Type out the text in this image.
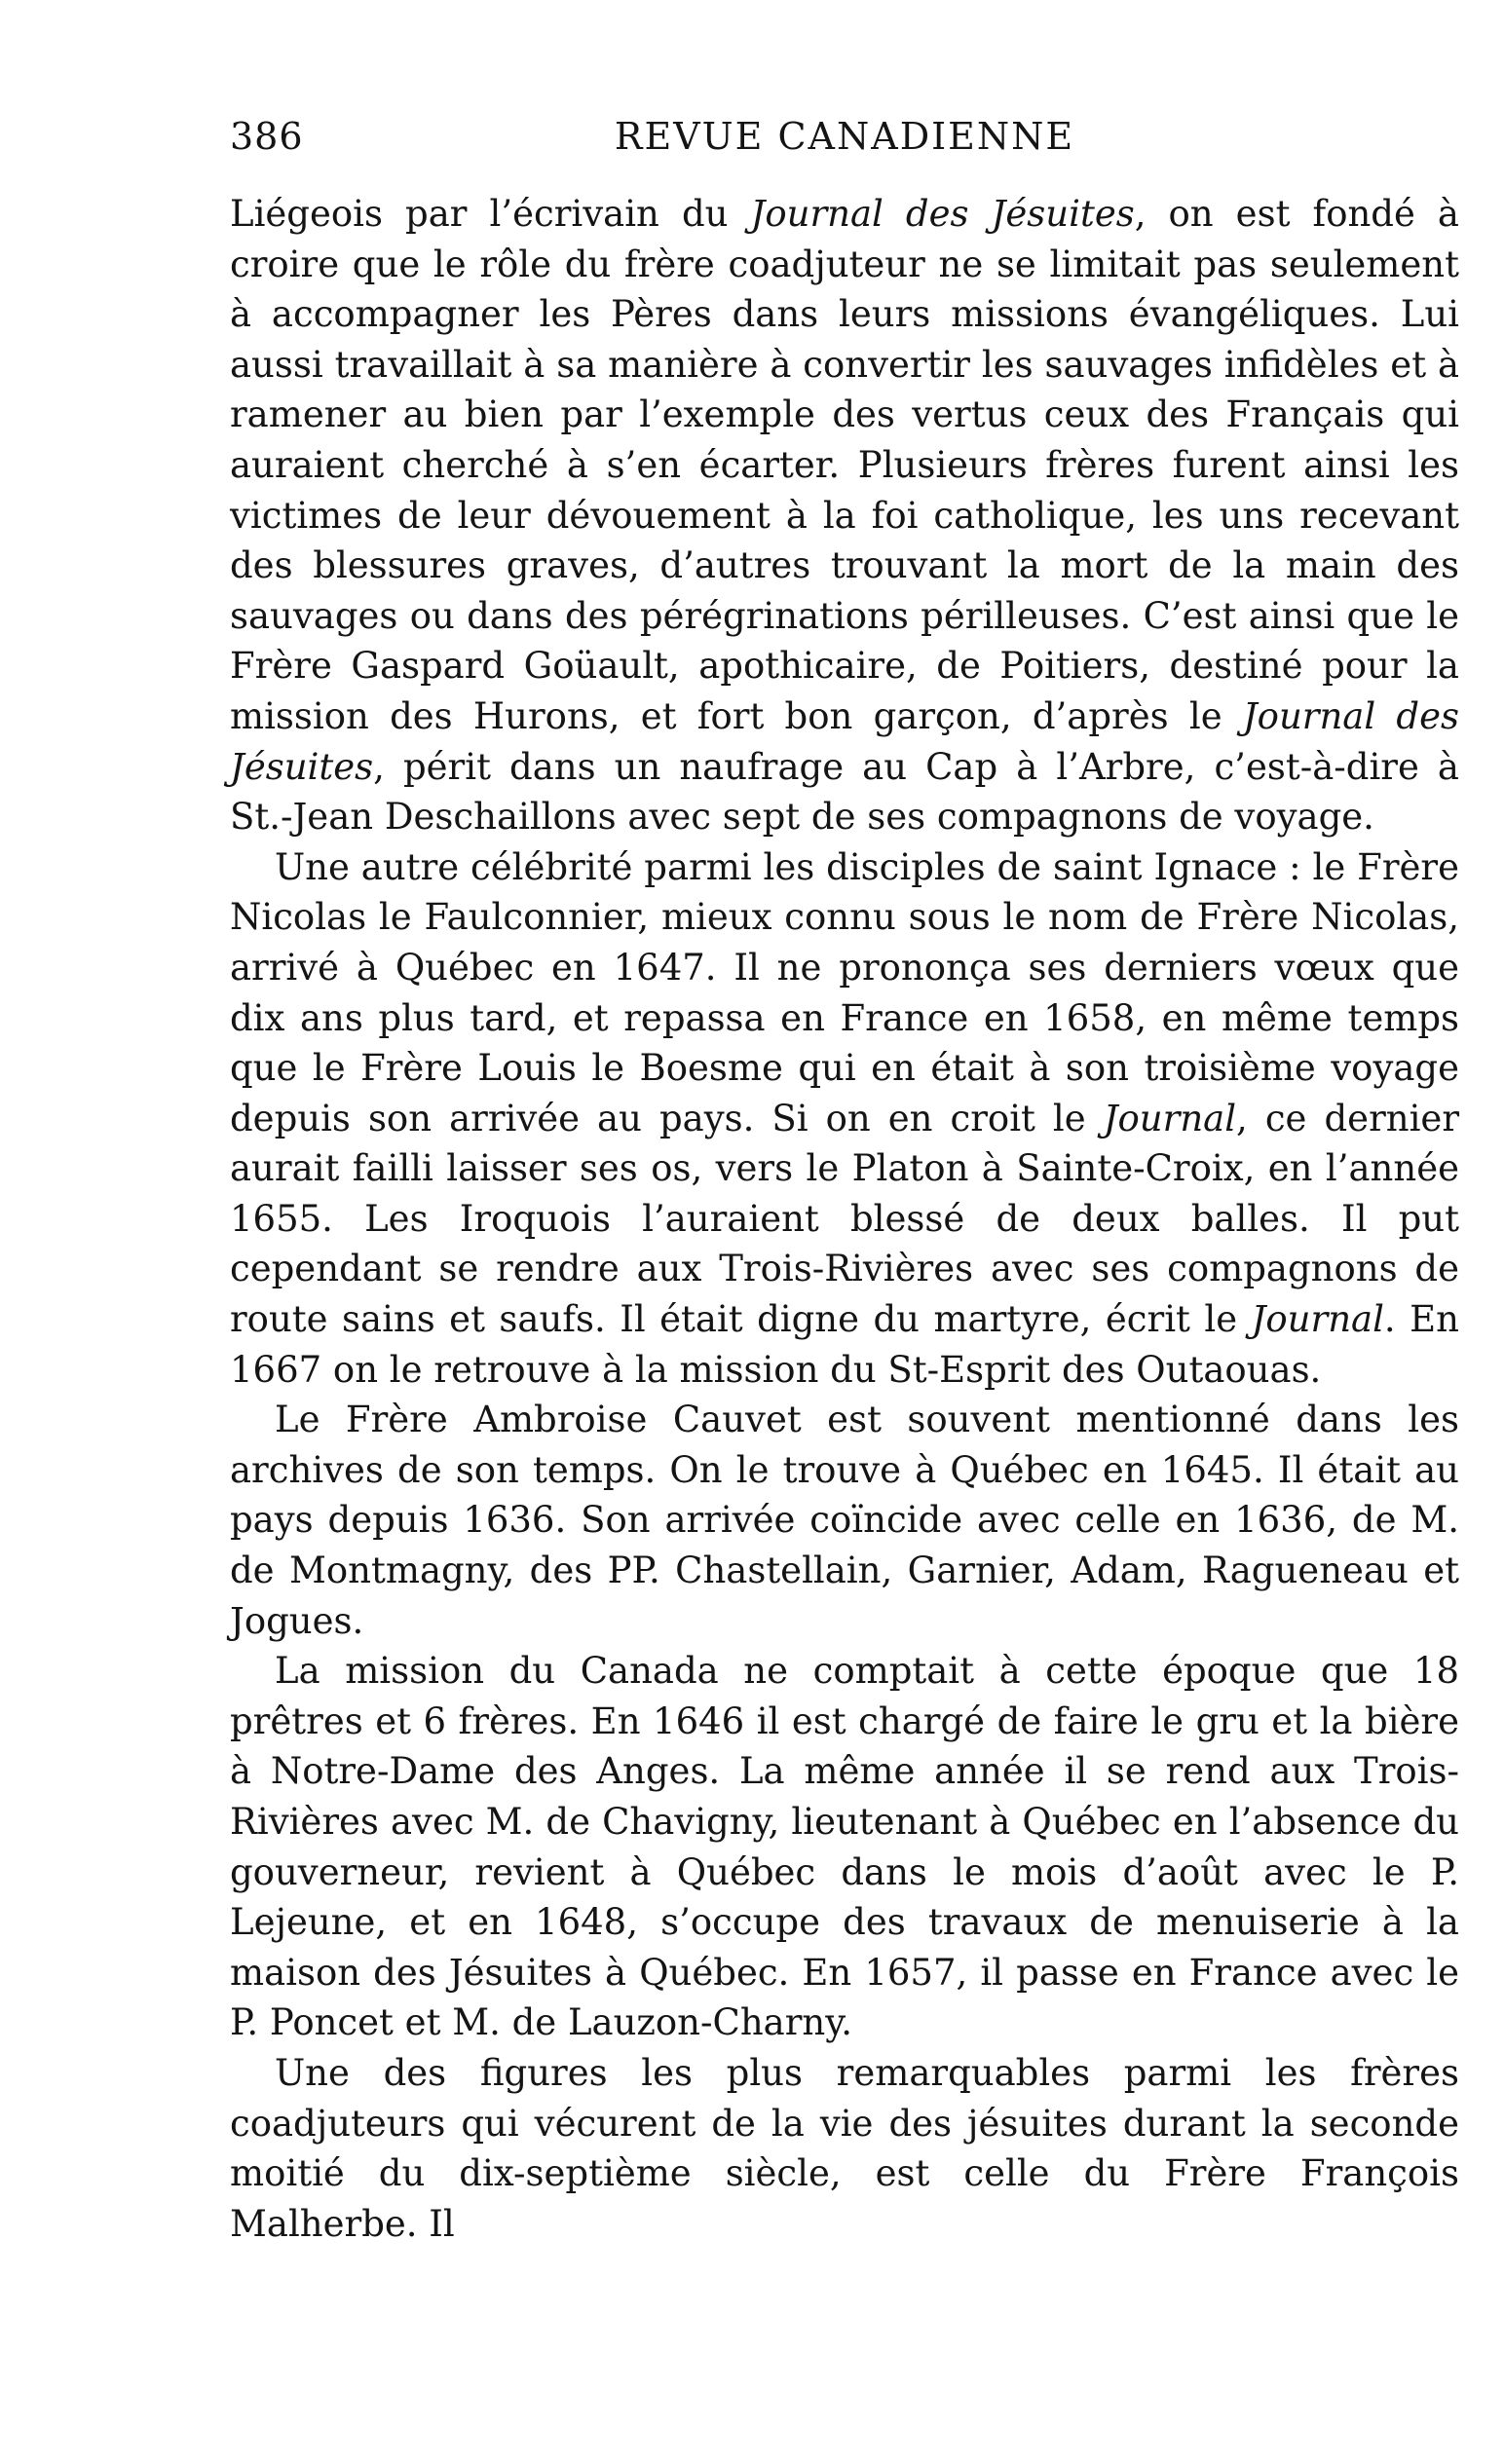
386	REVUE CANADIENNE

Liégeois par l’écrivain du Journal des Jésuites, on est fondé à croire que le rôle du frère coadjuteur ne se limitait pas seulement à accompagner les Pères dans leurs missions évangéliques. Lui aussi travaillait à sa manière à convertir les sauvages infidèles et à ramener au bien par l’exemple des vertus ceux des Français qui auraient cherché à s’en écarter. Plusieurs frères furent ainsi les victimes de leur dévouement à la foi catholique, les uns recevant des blessures graves, d’autres trouvant la mort de la main des sauvages ou dans des pérégrinations périlleuses. C’est ainsi que le Frère Gaspard Goüault, apothicaire, de Poitiers, destiné pour la mission des Hurons, et fort bon garçon, d’après le Journal des Jésuites, périt dans un naufrage au Cap à l’Arbre, c’est-à-dire à St.-Jean Deschaillons avec sept de ses compagnons de voyage.

Une autre célébrité parmi les disciples de saint Ignace : le Frère Nicolas le Faulconnier, mieux connu sous le nom de Frère Nicolas, arrivé à Québec en 1647. Il ne prononça ses derniers vœux que dix ans plus tard, et repassa en France en 1658, en même temps que le Frère Louis le Boesme qui en était à son troisième voyage depuis son arrivée au pays. Si on en croit le Journal, ce dernier aurait failli laisser ses os, vers le Platon à Sainte-Croix, en l’année 1655. Les Iroquois l’auraient blessé de deux balles. Il put cependant se rendre aux Trois-Rivières avec ses compagnons de route sains et saufs. Il était digne du martyre, écrit le Journal. En 1667 on le retrouve à la mission du St-Esprit des Outaouas.

Le Frère Ambroise Cauvet est souvent mentionné dans les archives de son temps. On le trouve à Québec en 1645. Il était au pays depuis 1636. Son arrivée coïncide avec celle en 1636, de M. de Montmagny, des PP. Chastellain, Garnier, Adam, Ragueneau et Jogues.

La mission du Canada ne comptait à cette époque que 18 prêtres et 6 frères. En 1646 il est chargé de faire le gru et la bière à Notre-Dame des Anges. La même année il se rend aux Trois-Rivières avec M. de Chavigny, lieutenant à Québec en l’absence du gouverneur, revient à Québec dans le mois d’août avec le P. Lejeune, et en 1648, s’occupe des travaux de menuiserie à la maison des Jésuites à Québec. En 1657, il passe en France avec le P. Poncet et M. de Lauzon-Charny.

Une des figures les plus remarquables parmi les frères coadjuteurs qui vécurent de la vie des jésuites durant la seconde moitié du dix-septième siècle, est celle du Frère François Malherbe. Il
